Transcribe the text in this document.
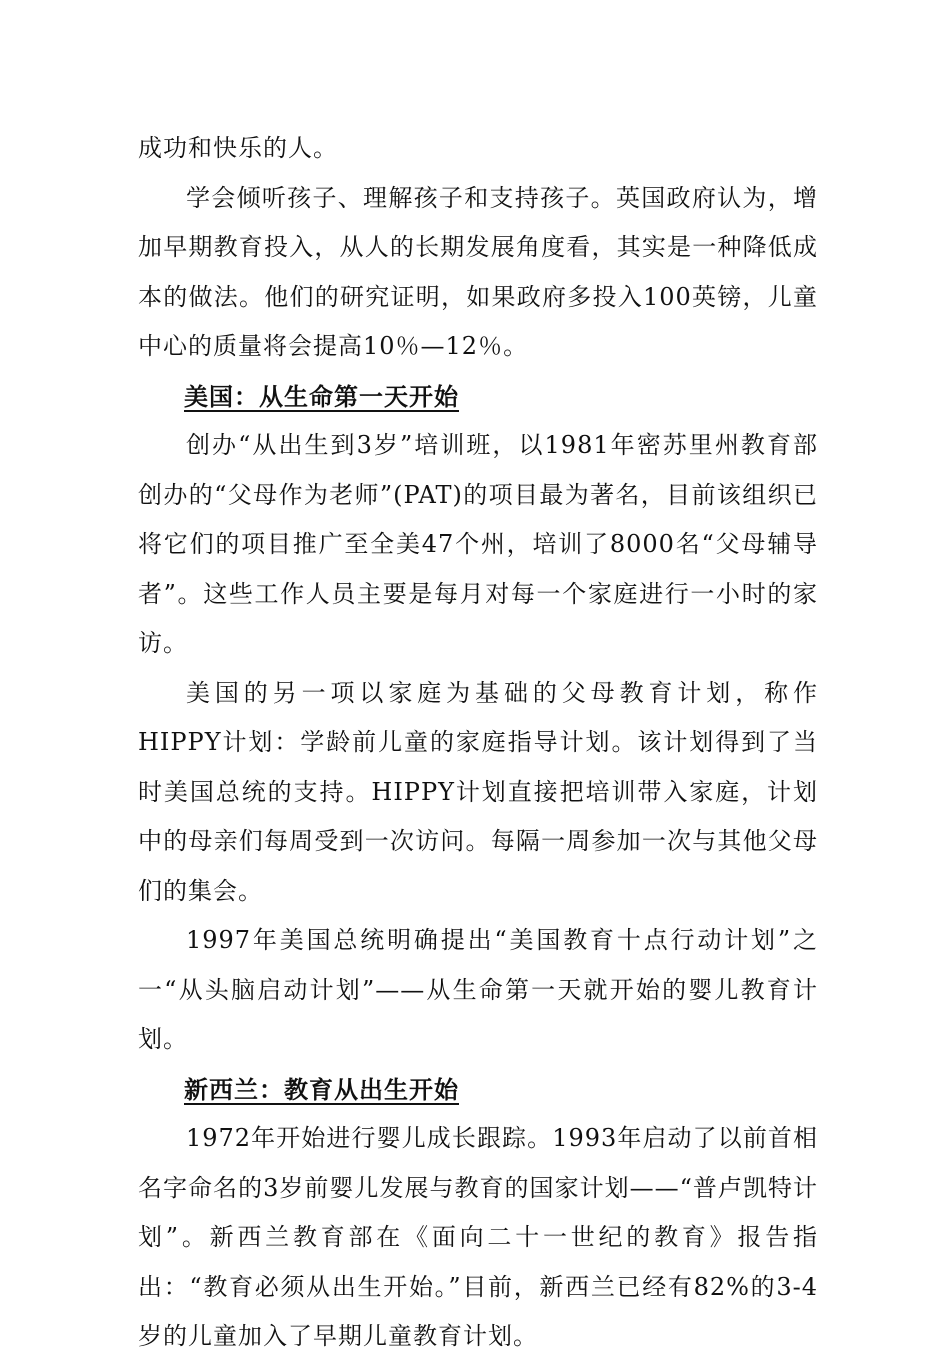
成功和快乐的人。

学会倾听孩子、理解孩子和支持孩子。英国政府认为，增加早期教育投入，从人的长期发展角度看，其实是一种降低成本的做法。他们的研究证明，如果政府多投入100英镑，儿童中心的质量将会提高10％—12％。

美国：从生命第一天开始

创办“从出生到3岁”培训班，以1981年密苏里州教育部创办的“父母作为老师”(PAT)的项目最为著名，目前该组织已将它们的项目推广至全美47个州，培训了8000名“父母辅导者”。这些工作人员主要是每月对每一个家庭进行一小时的家访。

美国的另一项以家庭为基础的父母教育计划，称作HIPPY计划：学龄前儿童的家庭指导计划。该计划得到了当时美国总统的支持。HIPPY计划直接把培训带入家庭，计划中的母亲们每周受到一次访问。每隔一周参加一次与其他父母们的集会。

1997年美国总统明确提出“美国教育十点行动计划”之一“从头脑启动计划”——从生命第一天就开始的婴儿教育计划。

新西兰：教育从出生开始

1972年开始进行婴儿成长跟踪。1993年启动了以前首相名字命名的3岁前婴儿发展与教育的国家计划——“普卢凯特计划”。新西兰教育部在《面向二十一世纪的教育》报告指出：“教育必须从出生开始。”目前，新西兰已经有82%的3-4岁的儿童加入了早期儿童教育计划。
